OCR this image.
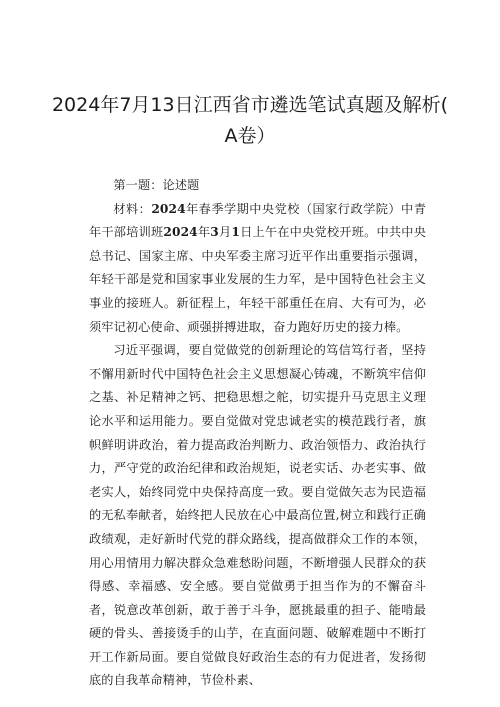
2024年7月13日江西省市遴选笔试真题及解析(
A卷）

第一题：论述题

材料：2024年春季学期中央党校（国家行政学院）中青年干部培训班2024年3月1日上午在中央党校开班。中共中央总书记、国家主席、中央军委主席习近平作出重要指示强调，年轻干部是党和国家事业发展的生力军，是中国特色社会主义事业的接班人。新征程上，年轻干部重任在肩、大有可为，必须牢记初心使命、顽强拼搏进取，奋力跑好历史的接力棒。

习近平强调，要自觉做党的创新理论的笃信笃行者，坚持不懈用新时代中国特色社会主义思想凝心铸魂，不断筑牢信仰之基、补足精神之钙、把稳思想之舵，切实提升马克思主义理论水平和运用能力。要自觉做对党忠诚老实的模范践行者，旗帜鲜明讲政治，着力提高政治判断力、政治领悟力、政治执行力，严守党的政治纪律和政治规矩，说老实话、办老实事、做老实人，始终同党中央保持高度一致。要自觉做矢志为民造福的无私奉献者，始终把人民放在心中最高位置,树立和践行正确政绩观，走好新时代党的群众路线，提高做群众工作的本领，用心用情用力解决群众急难愁盼问题，不断增强人民群众的获得感、幸福感、安全感。要自觉做勇于担当作为的不懈奋斗者，锐意改革创新，敢于善于斗争，愿挑最重的担子、能啃最硬的骨头、善接烫手的山芋，在直面问题、破解难题中不断打开工作新局面。要自觉做良好政治生态的有力促进者，发扬彻底的自我革命精神，节俭朴素、
